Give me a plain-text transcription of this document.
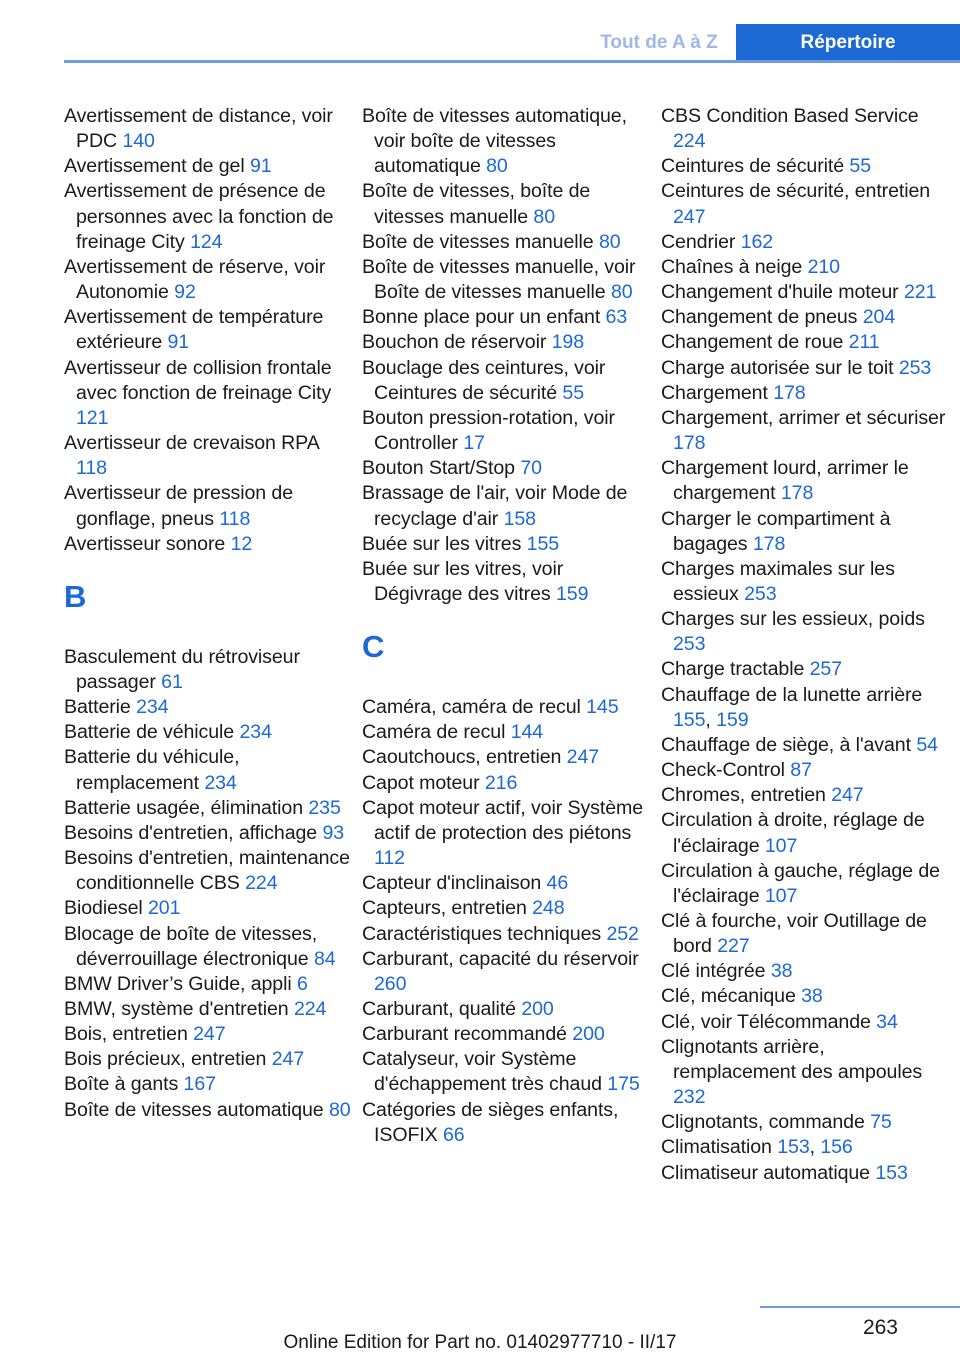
Tout de A à Z	Répertoire

Avertissement de distance, voir PDC 140

Avertissement de gel 91

Avertissement de présence de personnes avec la fonction de freinage City 124

Avertissement de réserve, voir Autonomie 92

Avertissement de température extérieure 91

Avertisseur de collision frontale avec fonction de freinage City 121

Avertisseur de crevaison RPA 118

Avertisseur de pression de gonflage, pneus 118

Avertisseur sonore 12

B

Basculement du rétroviseur passager 61

Batterie 234

Batterie de véhicule 234

Batterie du véhicule, remplacement 234

Batterie usagée, élimination 235

Besoins d'entretien, affichage 93

Besoins d'entretien, maintenance conditionnelle CBS 224

Biodiesel 201

Blocage de boîte de vitesses, déverrouillage électronique 84

BMW Driver’s Guide, appli 6

BMW, système d'entretien 224

Bois, entretien 247

Bois précieux, entretien 247

Boîte à gants 167

Boîte de vitesses automatique 80

Boîte de vitesses automatique, voir boîte de vitesses automatique 80

Boîte de vitesses, boîte de vitesses manuelle 80

Boîte de vitesses manuelle 80

Boîte de vitesses manuelle, voir Boîte de vitesses manuelle 80

Bonne place pour un enfant 63

Bouchon de réservoir 198

Bouclage des ceintures, voir Ceintures de sécurité 55

Bouton pression-rotation, voir Controller 17

Bouton Start/Stop 70

Brassage de l'air, voir Mode de recyclage d'air 158

Buée sur les vitres 155

Buée sur les vitres, voir Dégivrage des vitres 159

C

Caméra, caméra de recul 145

Caméra de recul 144

Caoutchoucs, entretien 247

Capot moteur 216

Capot moteur actif, voir Système actif de protection des piétons 112

Capteur d'inclinaison 46

Capteurs, entretien 248

Caractéristiques techniques 252

Carburant, capacité du réservoir 260

Carburant, qualité 200

Carburant recommandé 200

Catalyseur, voir Système d'échappement très chaud 175

Catégories de sièges enfants, ISOFIX 66

CBS Condition Based Service 224

Ceintures de sécurité 55

Ceintures de sécurité, entretien 247

Cendrier 162

Chaînes à neige 210

Changement d'huile moteur 221

Changement de pneus 204

Changement de roue 211

Charge autorisée sur le toit 253

Chargement 178

Chargement, arrimer et sécuriser 178

Chargement lourd, arrimer le chargement 178

Charger le compartiment à bagages 178

Charges maximales sur les essieux 253

Charges sur les essieux, poids 253

Charge tractable 257

Chauffage de la lunette arrière 155, 159

Chauffage de siège, à l'avant 54

Check-Control 87

Chromes, entretien 247

Circulation à droite, réglage de l'éclairage 107

Circulation à gauche, réglage de l'éclairage 107

Clé à fourche, voir Outillage de bord 227

Clé intégrée 38

Clé, mécanique 38

Clé, voir Télécommande 34

Clignotants arrière, remplacement des ampoules 232

Clignotants, commande 75

Climatisation 153, 156

Climatiseur automatique 153

263
Online Edition for Part no. 01402977710 - II/17
